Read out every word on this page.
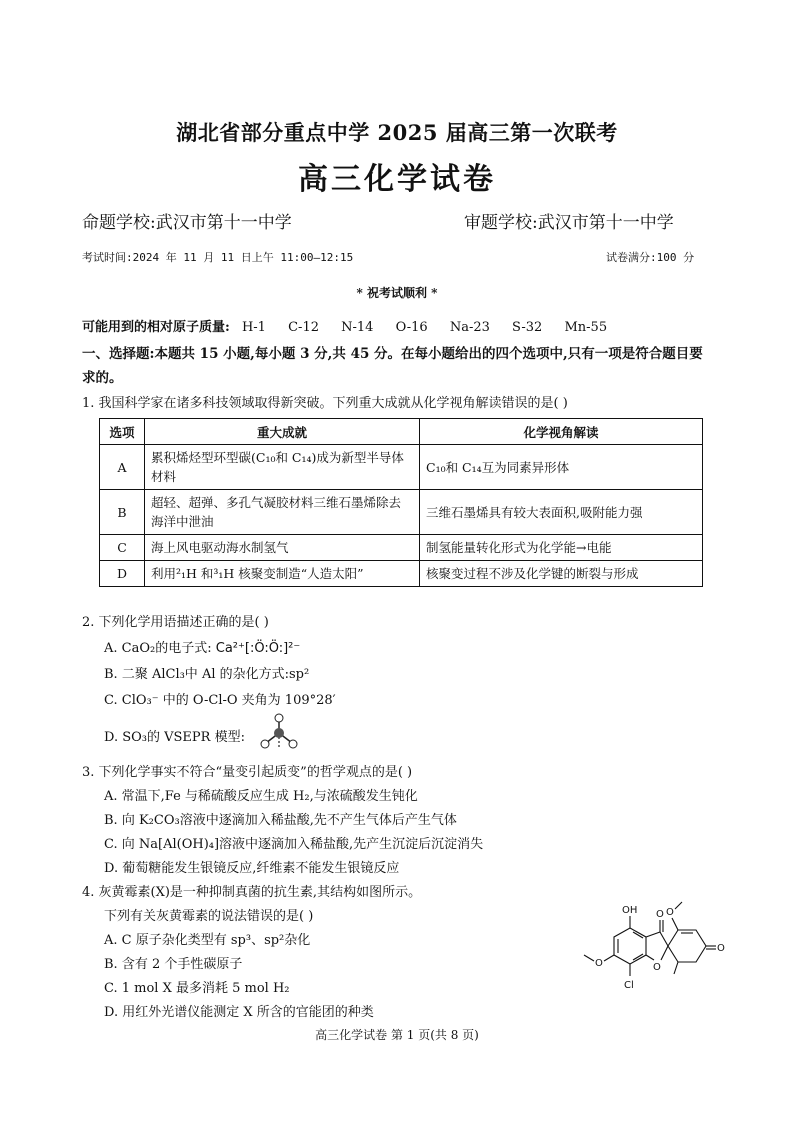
湖北省部分重点中学 2025 届高三第一次联考
高三化学试卷
命题学校:武汉市第十一中学	审题学校:武汉市第十一中学
考试时间:2024 年 11 月 11 日上午 11:00—12:15	试卷满分:100 分
* 祝考试顺利 *
可能用到的相对原子质量: H-1 C-12 N-14 O-16 Na-23 S-32 Mn-55
一、选择题:本题共 15 小题,每小题 3 分,共 45 分。在每小题给出的四个选项中,只有一项是符合题目要求的。
1. 我国科学家在诸多科技领域取得新突破。下列重大成就从化学视角解读错误的是( )
选项	重大成就	化学视角解读
A	累积烯烃型环型碳(C₁₀和 C₁₄)成为新型半导体材料	C₁₀和 C₁₄互为同素异形体
B	超轻、超弹、多孔气凝胶材料三维石墨烯除去海洋中泄油	三维石墨烯具有较大表面积,吸附能力强
C	海上风电驱动海水制氢气	制氢能量转化形式为化学能→电能
D	利用²₁H 和³₁H 核聚变制造“人造太阳”	核聚变过程不涉及化学键的断裂与形成
2. 下列化学用语描述正确的是( )
A. CaO₂的电子式: Ca²⁺[:Ö:Ö:]²⁻
B. 二聚 AlCl₃中 Al 的杂化方式:sp²
C. ClO₃⁻ 中的 O-Cl-O 夹角为 109°28′
D. SO₃的 VSEPR 模型:
3. 下列化学事实不符合“量变引起质变”的哲学观点的是( )
A. 常温下,Fe 与稀硫酸反应生成 H₂,与浓硫酸发生钝化
B. 向 K₂CO₃溶液中逐滴加入稀盐酸,先不产生气体后产生气体
C. 向 Na[Al(OH)₄]溶液中逐滴加入稀盐酸,先产生沉淀后沉淀消失
D. 葡萄糖能发生银镜反应,纤维素不能发生银镜反应
4. 灰黄霉素(X)是一种抑制真菌的抗生素,其结构如图所示。
下列有关灰黄霉素的说法错误的是( )
A. C 原子杂化类型有 sp³、sp²杂化
B. 含有 2 个手性碳原子
C. 1 mol X 最多消耗 5 mol H₂
D. 用红外光谱仪能测定 X 所含的官能团的种类
OH
Cl
O	O
O O
O
高三化学试卷 第 1 页(共 8 页)
